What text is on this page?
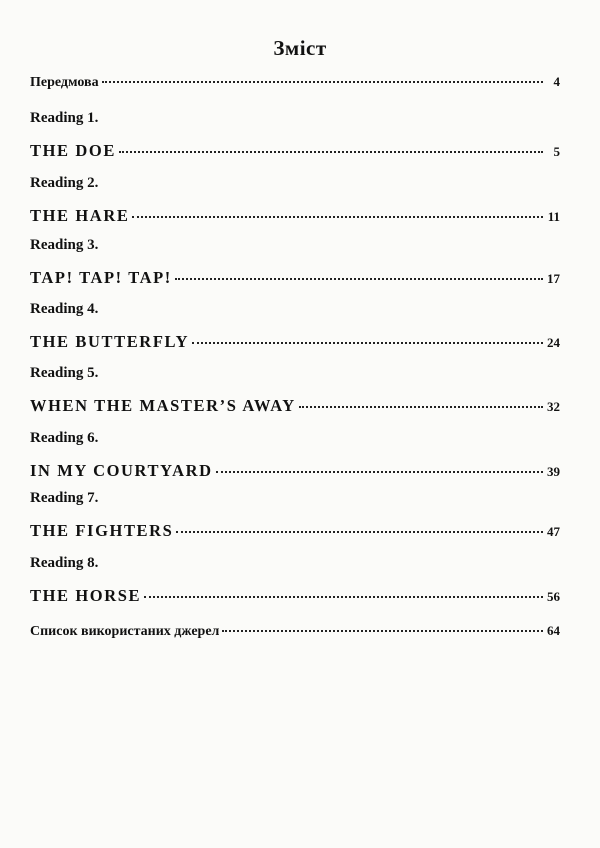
Зміст
Передмова	4
Reading 1.
THE DOE	5
Reading 2.
THE HARE	11
Reading 3.
TAP! TAP! TAP!	17
Reading 4.
THE BUTTERFLY	24
Reading 5.
WHEN THE MASTER’S AWAY	32
Reading 6.
IN MY COURTYARD	39
Reading 7.
THE FIGHTERS	47
Reading 8.
THE HORSE	56
Список використаних джерел	64
